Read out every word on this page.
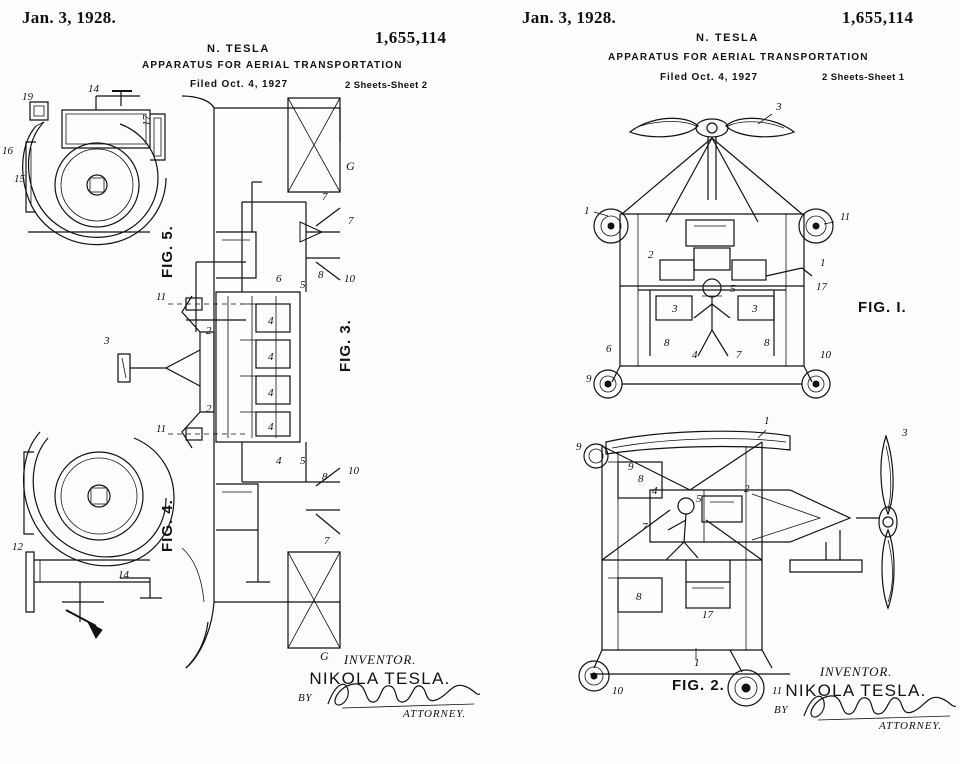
Jan. 3, 1928.
1,655,114
N. TESLA
APPARATUS FOR AERIAL TRANSPORTATION
Filed Oct. 4, 1927	2 Sheets-Sheet 2
19
14
17
15
16
FIG. 5.
12
14
FIG. 4.
G
G
4
4
4
4
3
7
7
8 10
5
6
8 10
7
5
4
11
11
2
2
FIG. 3.
INVENTOR.
NIKOLA TESLA.
BY
ATTORNEY.
Jan. 3, 1928.	1,655,114
N. TESLA
APPARATUS FOR AERIAL TRANSPORTATION
Filed Oct. 4, 1927	2 Sheets-Sheet 1
3
1	11
2
5
4	7
3	3
8	8
6	10
17
1
9
FIG. I.
1
3
9
8
8
5
4
7
2
17
10	11
1
9
FIG. 2.
INVENTOR.
NIKOLA TESLA.
BY
ATTORNEY.
